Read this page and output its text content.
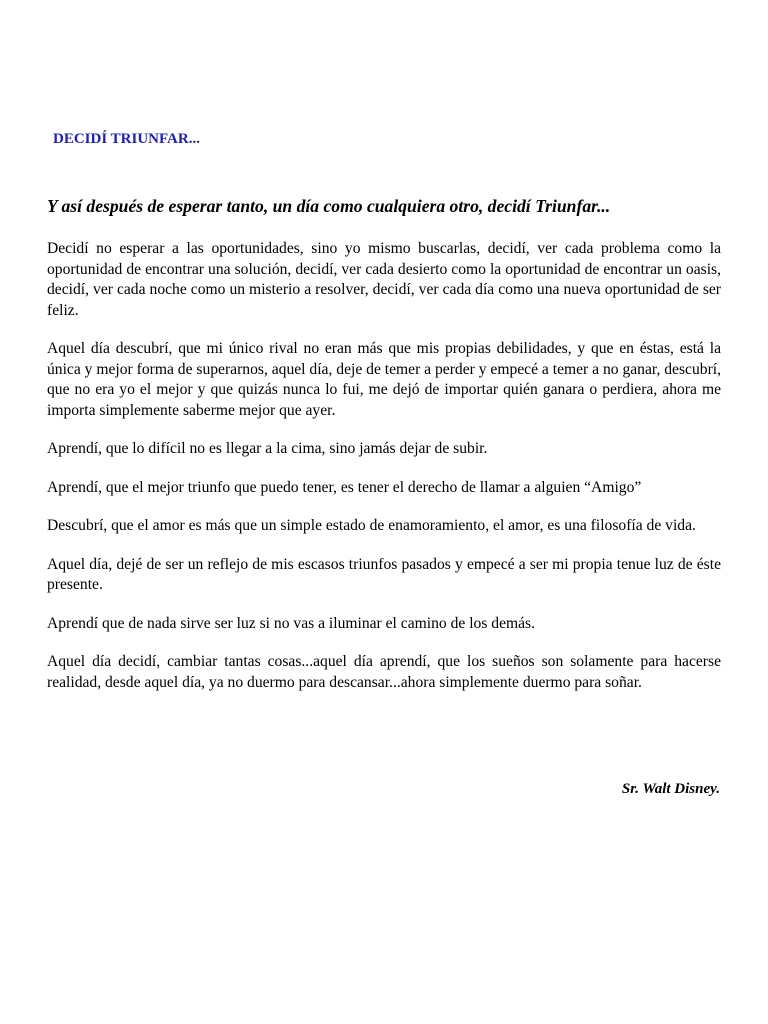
DECIDÍ TRIUNFAR...
Y así después de esperar tanto, un día como cualquiera otro, decidí Triunfar...

Decidí no esperar a las oportunidades, sino yo mismo buscarlas, decidí, ver cada problema como la oportunidad de encontrar una solución, decidí, ver cada desierto como la oportunidad de encontrar un oasis, decidí, ver cada noche como un misterio a resolver, decidí, ver cada día como una nueva oportunidad de ser feliz.

Aquel día descubrí, que mi único rival no eran más que mis propias debilidades, y que en éstas, está la única y mejor forma de superarnos, aquel día, deje de temer a perder y empecé a temer a no ganar, descubrí, que no era yo el mejor y que quizás nunca lo fui, me dejó de importar quién ganara o perdiera, ahora me importa simplemente saberme mejor que ayer.

Aprendí, que lo difícil no es llegar a la cima, sino jamás dejar de subir.

Aprendí, que el mejor triunfo que puedo tener, es tener el derecho de llamar a alguien “Amigo”

Descubrí, que el amor es más que un simple estado de enamoramiento, el amor, es una filosofía de vida.

Aquel día, dejé de ser un reflejo de mis escasos triunfos pasados y empecé a ser mi propia tenue luz de éste presente.

Aprendí que de nada sirve ser luz si no vas a iluminar el camino de los demás.

Aquel día decidí, cambiar tantas cosas...aquel día aprendí, que los sueños son solamente para hacerse realidad, desde aquel día, ya no duermo para descansar...ahora simplemente duermo para soñar.

Sr. Walt Disney.
